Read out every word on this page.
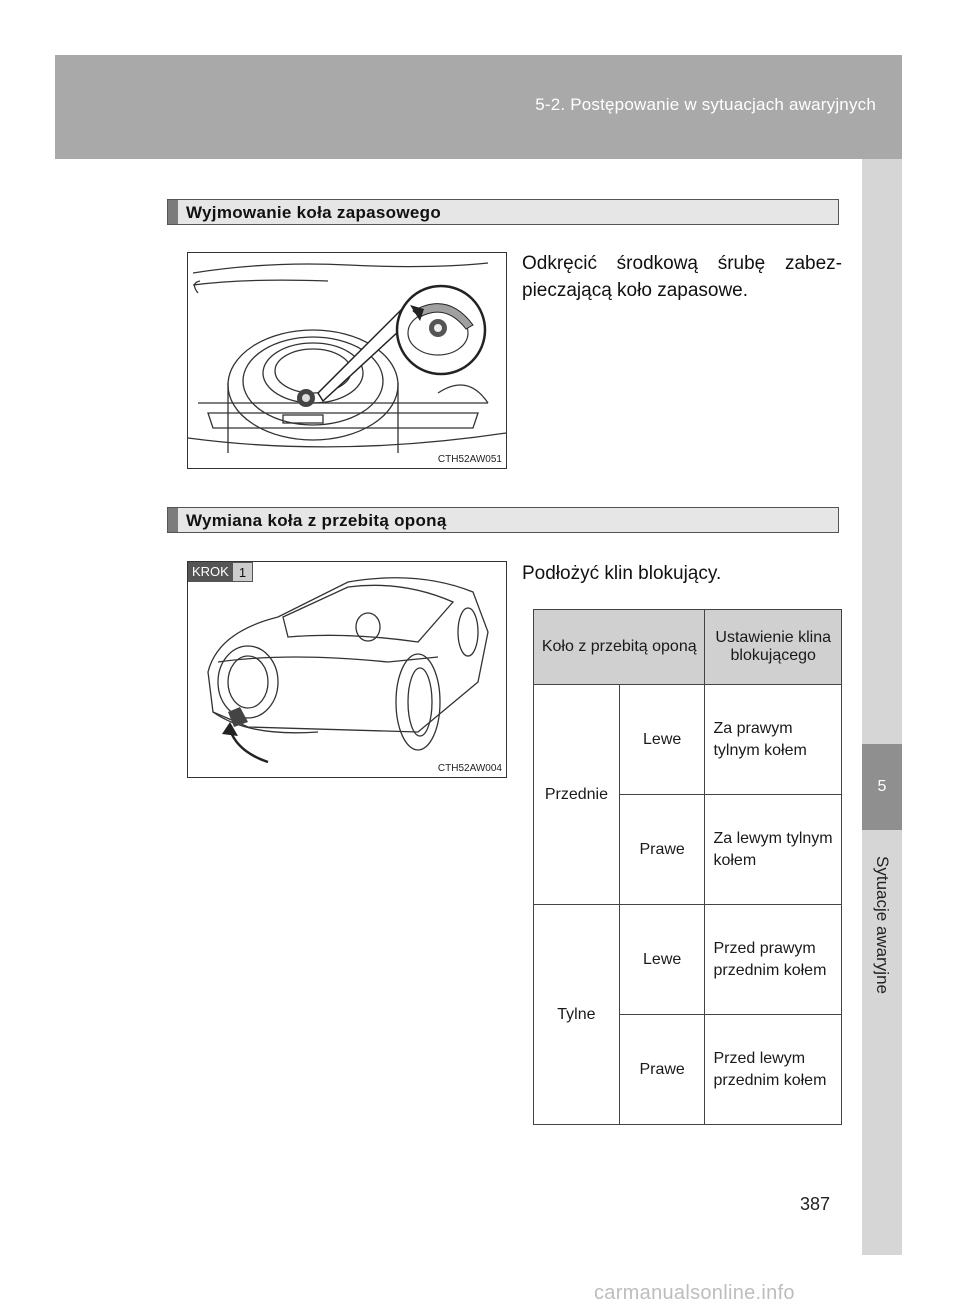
5-2. Postępowanie w sytuacjach awaryjnych
5
Sytuacje awaryjne
Wyjmowanie koła zapasowego
CTH52AW051
Odkręcić środkową śrubę zabez-pieczającą koło zapasowe.
Wymiana koła z przebitą oponą
KROK 1
CTH52AW004
Podłożyć klin blokujący.
Koło z przebitą oponą		Ustawienie klina blokującego
Przednie	Lewe	Za prawym tylnym kołem
	Prawe	Za lewym tylnym kołem
Tylne	Lewe	Przed prawym przednim kołem
	Prawe	Przed lewym przednim kołem
387
carmanualsonline.info
